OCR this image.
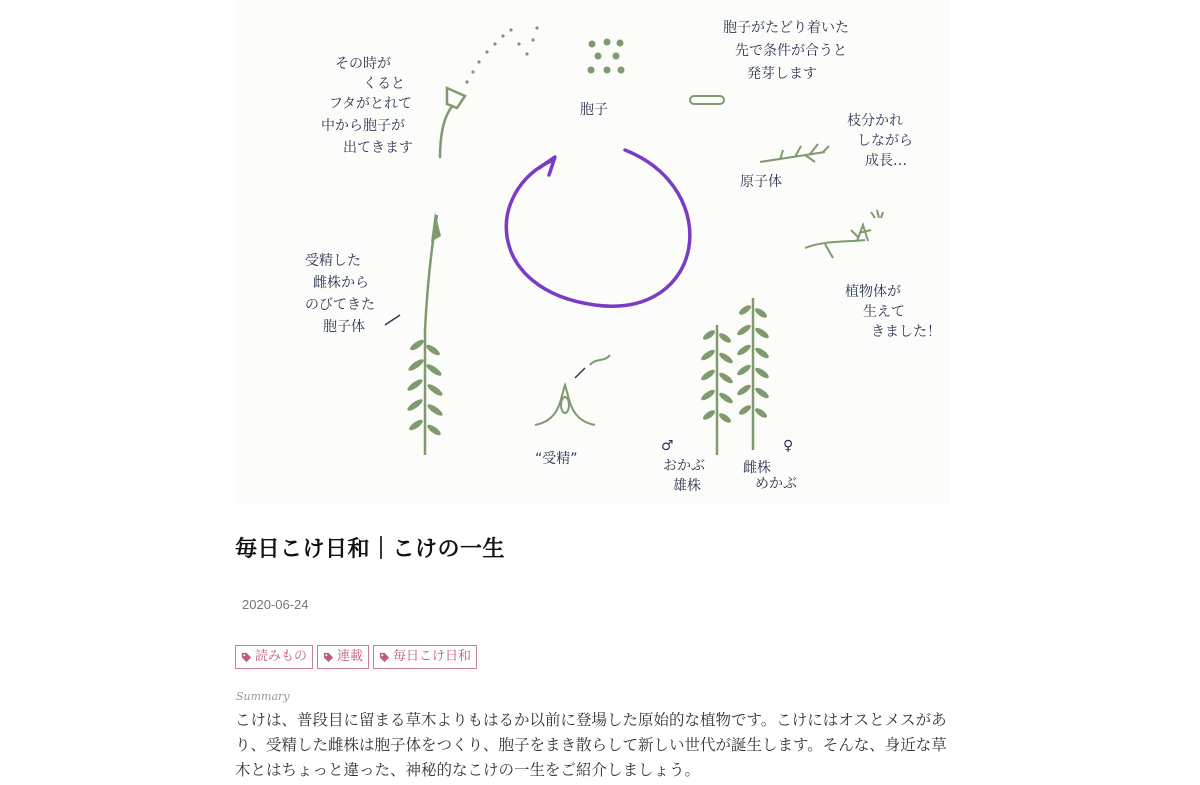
胞子
胞子がたどり着いた
先で条件が合うと
発芽します
原子体
枝分かれ
しながら
成長…
植物体が
生えて
きました！
その時が
くると
フタがとれて
中から胞子が
出てきます
受精した
雌株から
のびてきた
胞子体
“受精”
♂
おかぶ
雄株
♀
雌株
めかぶ
毎日こけ日和｜こけの一生
2020-06-24
読みもの 連載 毎日こけ日和
Summary
こけは、普段目に留まる草木よりもはるか以前に登場した原始的な植物です。こけにはオスとメスがあり、受精した雌株は胞子体をつくり、胞子をまき散らして新しい世代が誕生します。そんな、身近な草木とはちょっと違った、神秘的なこけの一生をご紹介しましょう。
